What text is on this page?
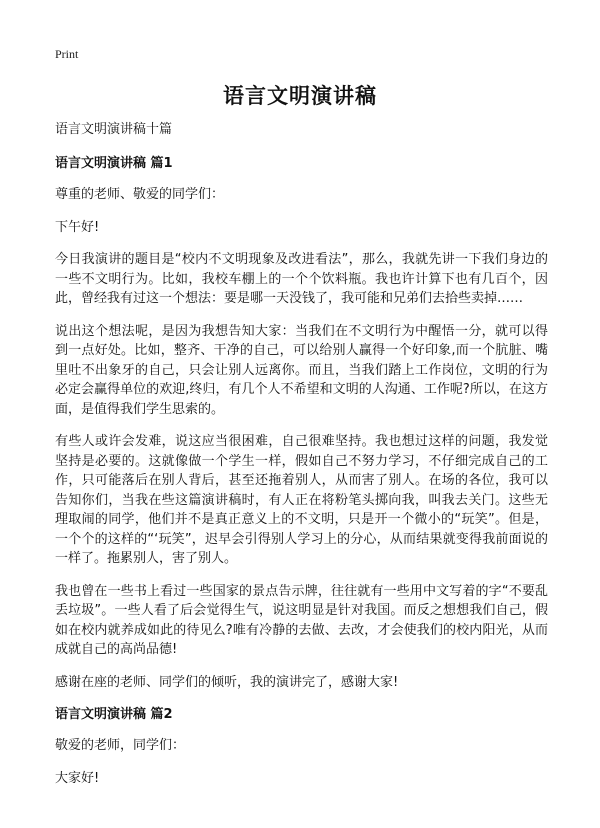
Print
语言文明演讲稿

语言文明演讲稿十篇

语言文明演讲稿 篇1

尊重的老师、敬爱的同学们：

下午好!

今日我演讲的题目是“校内不文明现象及改进看法”，那么，我就先讲一下我们身边的一些不文明行为。比如，我校车棚上的一个个饮料瓶。我也许计算下也有几百个，因此，曾经我有过这一个想法：要是哪一天没钱了，我可能和兄弟们去拾些卖掉……

说出这个想法呢，是因为我想告知大家：当我们在不文明行为中醒悟一分，就可以得到一点好处。比如，整齐、干净的自己，可以给别人赢得一个好印象,而一个肮脏、嘴里吐不出象牙的自己，只会让别人远离你。而且，当我们踏上工作岗位，文明的行为必定会赢得单位的欢迎,终归，有几个人不希望和文明的人沟通、工作呢?所以，在这方面，是值得我们学生思索的。

有些人或许会发难，说这应当很困难，自己很难坚持。我也想过这样的问题，我发觉坚持是必要的。这就像做一个学生一样，假如自己不努力学习，不仔细完成自己的工作，只可能落后在别人背后，甚至还拖着别人，从而害了别人。在场的各位，我可以告知你们，当我在些这篇演讲稿时，有人正在将粉笔头掷向我，叫我去关门。这些无理取闹的同学，他们并不是真正意义上的不文明，只是开一个微小的“玩笑”。但是，一个个的这样的“‘玩笑”，迟早会引得别人学习上的分心，从而结果就变得我前面说的一样了。拖累别人，害了别人。

我也曾在一些书上看过一些国家的景点告示牌，往往就有一些用中文写着的字“不要乱丢垃圾”。一些人看了后会觉得生气，说这明显是针对我国。而反之想想我们自己，假如在校内就养成如此的待见么?唯有冷静的去做、去改，才会使我们的校内阳光，从而成就自己的高尚品德!

感谢在座的老师、同学们的倾听，我的演讲完了，感谢大家!

语言文明演讲稿 篇2

敬爱的老师，同学们：

大家好!
